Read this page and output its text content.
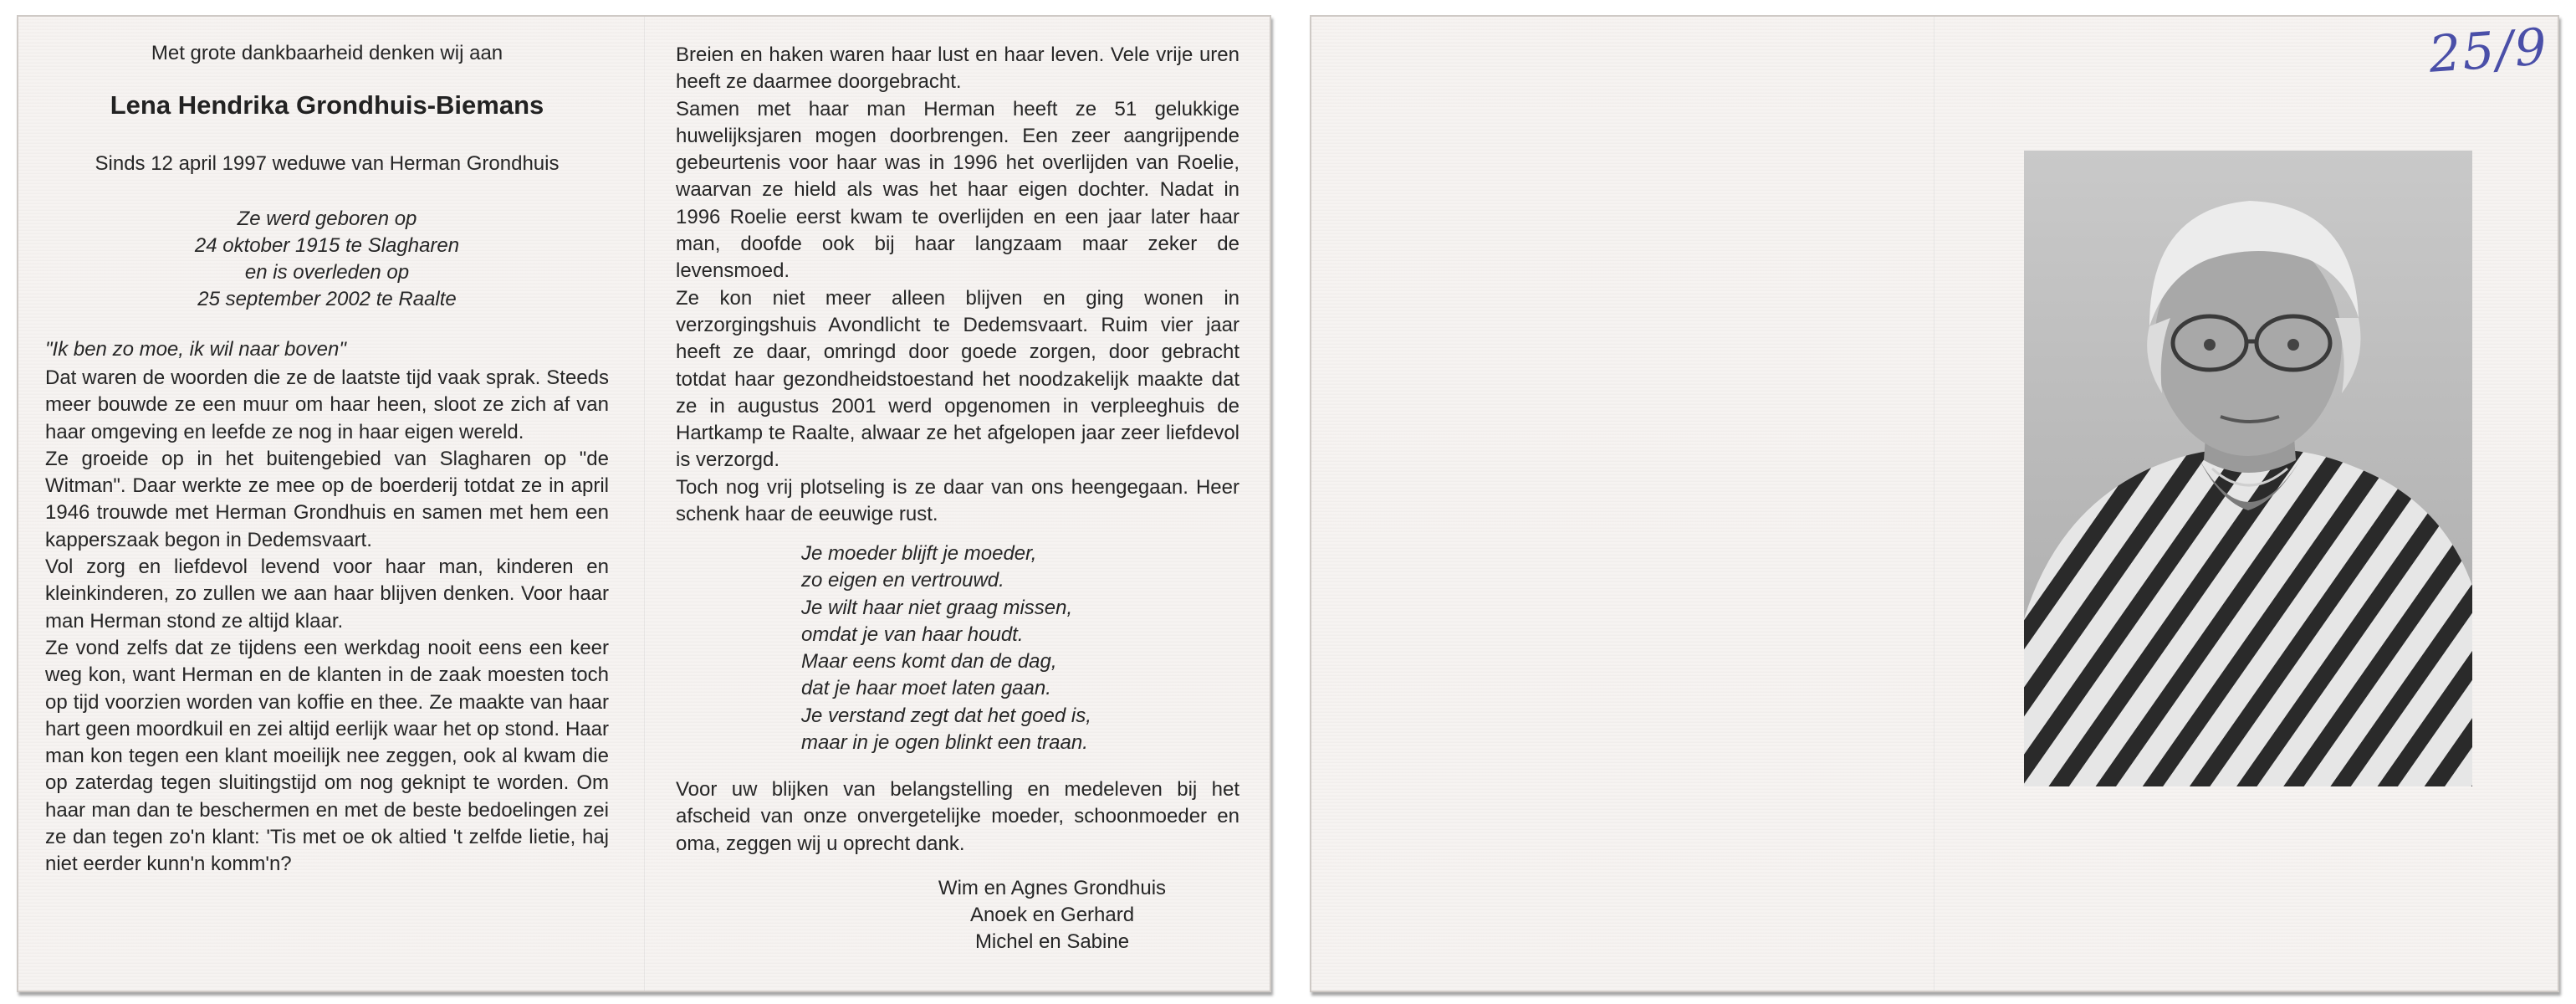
Met grote dankbaarheid denken wij aan
Lena Hendrika Grondhuis-Biemans
Sinds 12 april 1997 weduwe van Herman Grondhuis
Ze werd geboren op
24 oktober 1915 te Slagharen
en is overleden op
25 september 2002 te Raalte
"Ik ben zo moe, ik wil naar boven"

Dat waren de woorden die ze de laatste tijd vaak sprak. Steeds meer bouwde ze een muur om haar heen, sloot ze zich af van haar omgeving en leefde ze nog in haar eigen wereld.

Ze groeide op in het buitengebied van Slagharen op "de Witman". Daar werkte ze mee op de boerderij totdat ze in april 1946 trouwde met Herman Grondhuis en samen met hem een kapperszaak begon in Dedemsvaart.

Vol zorg en liefdevol levend voor haar man, kinderen en kleinkinderen, zo zullen we aan haar blijven denken. Voor haar man Herman stond ze altijd klaar.

Ze vond zelfs dat ze tijdens een werkdag nooit eens een keer weg kon, want Herman en de klanten in de zaak moesten toch op tijd voorzien worden van koffie en thee. Ze maakte van haar hart geen moordkuil en zei altijd eerlijk waar het op stond. Haar man kon tegen een klant moeilijk nee zeggen, ook al kwam die op zaterdag tegen sluitingstijd om nog geknipt te worden. Om haar man dan te beschermen en met de beste bedoelingen zei ze dan tegen zo'n klant: 'Tis met oe ok altied 't zelfde lietie, haj niet eerder kunn'n komm'n?

Breien en haken waren haar lust en haar leven. Vele vrije uren heeft ze daarmee doorgebracht.

Samen met haar man Herman heeft ze 51 gelukkige huwelijksjaren mogen doorbrengen. Een zeer aangrijpende gebeurtenis voor haar was in 1996 het overlijden van Roelie, waarvan ze hield als was het haar eigen dochter. Nadat in 1996 Roelie eerst kwam te overlijden en een jaar later haar man, doofde ook bij haar langzaam maar zeker de levensmoed.

Ze kon niet meer alleen blijven en ging wonen in verzorgingshuis Avondlicht te Dedemsvaart. Ruim vier jaar heeft ze daar, omringd door goede zorgen, door gebracht totdat haar gezondheidstoestand het noodzakelijk maakte dat ze in augustus 2001 werd opgenomen in verpleeghuis de Hartkamp te Raalte, alwaar ze het afgelopen jaar zeer liefdevol is verzorgd.

Toch nog vrij plotseling is ze daar van ons heengegaan. Heer schenk haar de eeuwige rust.

Je moeder blijft je moeder,
zo eigen en vertrouwd.
Je wilt haar niet graag missen,
omdat je van haar houdt.
Maar eens komt dan de dag,
dat je haar moet laten gaan.
Je verstand zegt dat het goed is,
maar in je ogen blinkt een traan.
Voor uw blijken van belangstelling en medeleven bij het afscheid van onze onvergetelijke moeder, schoonmoeder en oma, zeggen wij u oprecht dank.
Wim en Agnes Grondhuis
Anoek en Gerhard
Michel en Sabine
25/9
